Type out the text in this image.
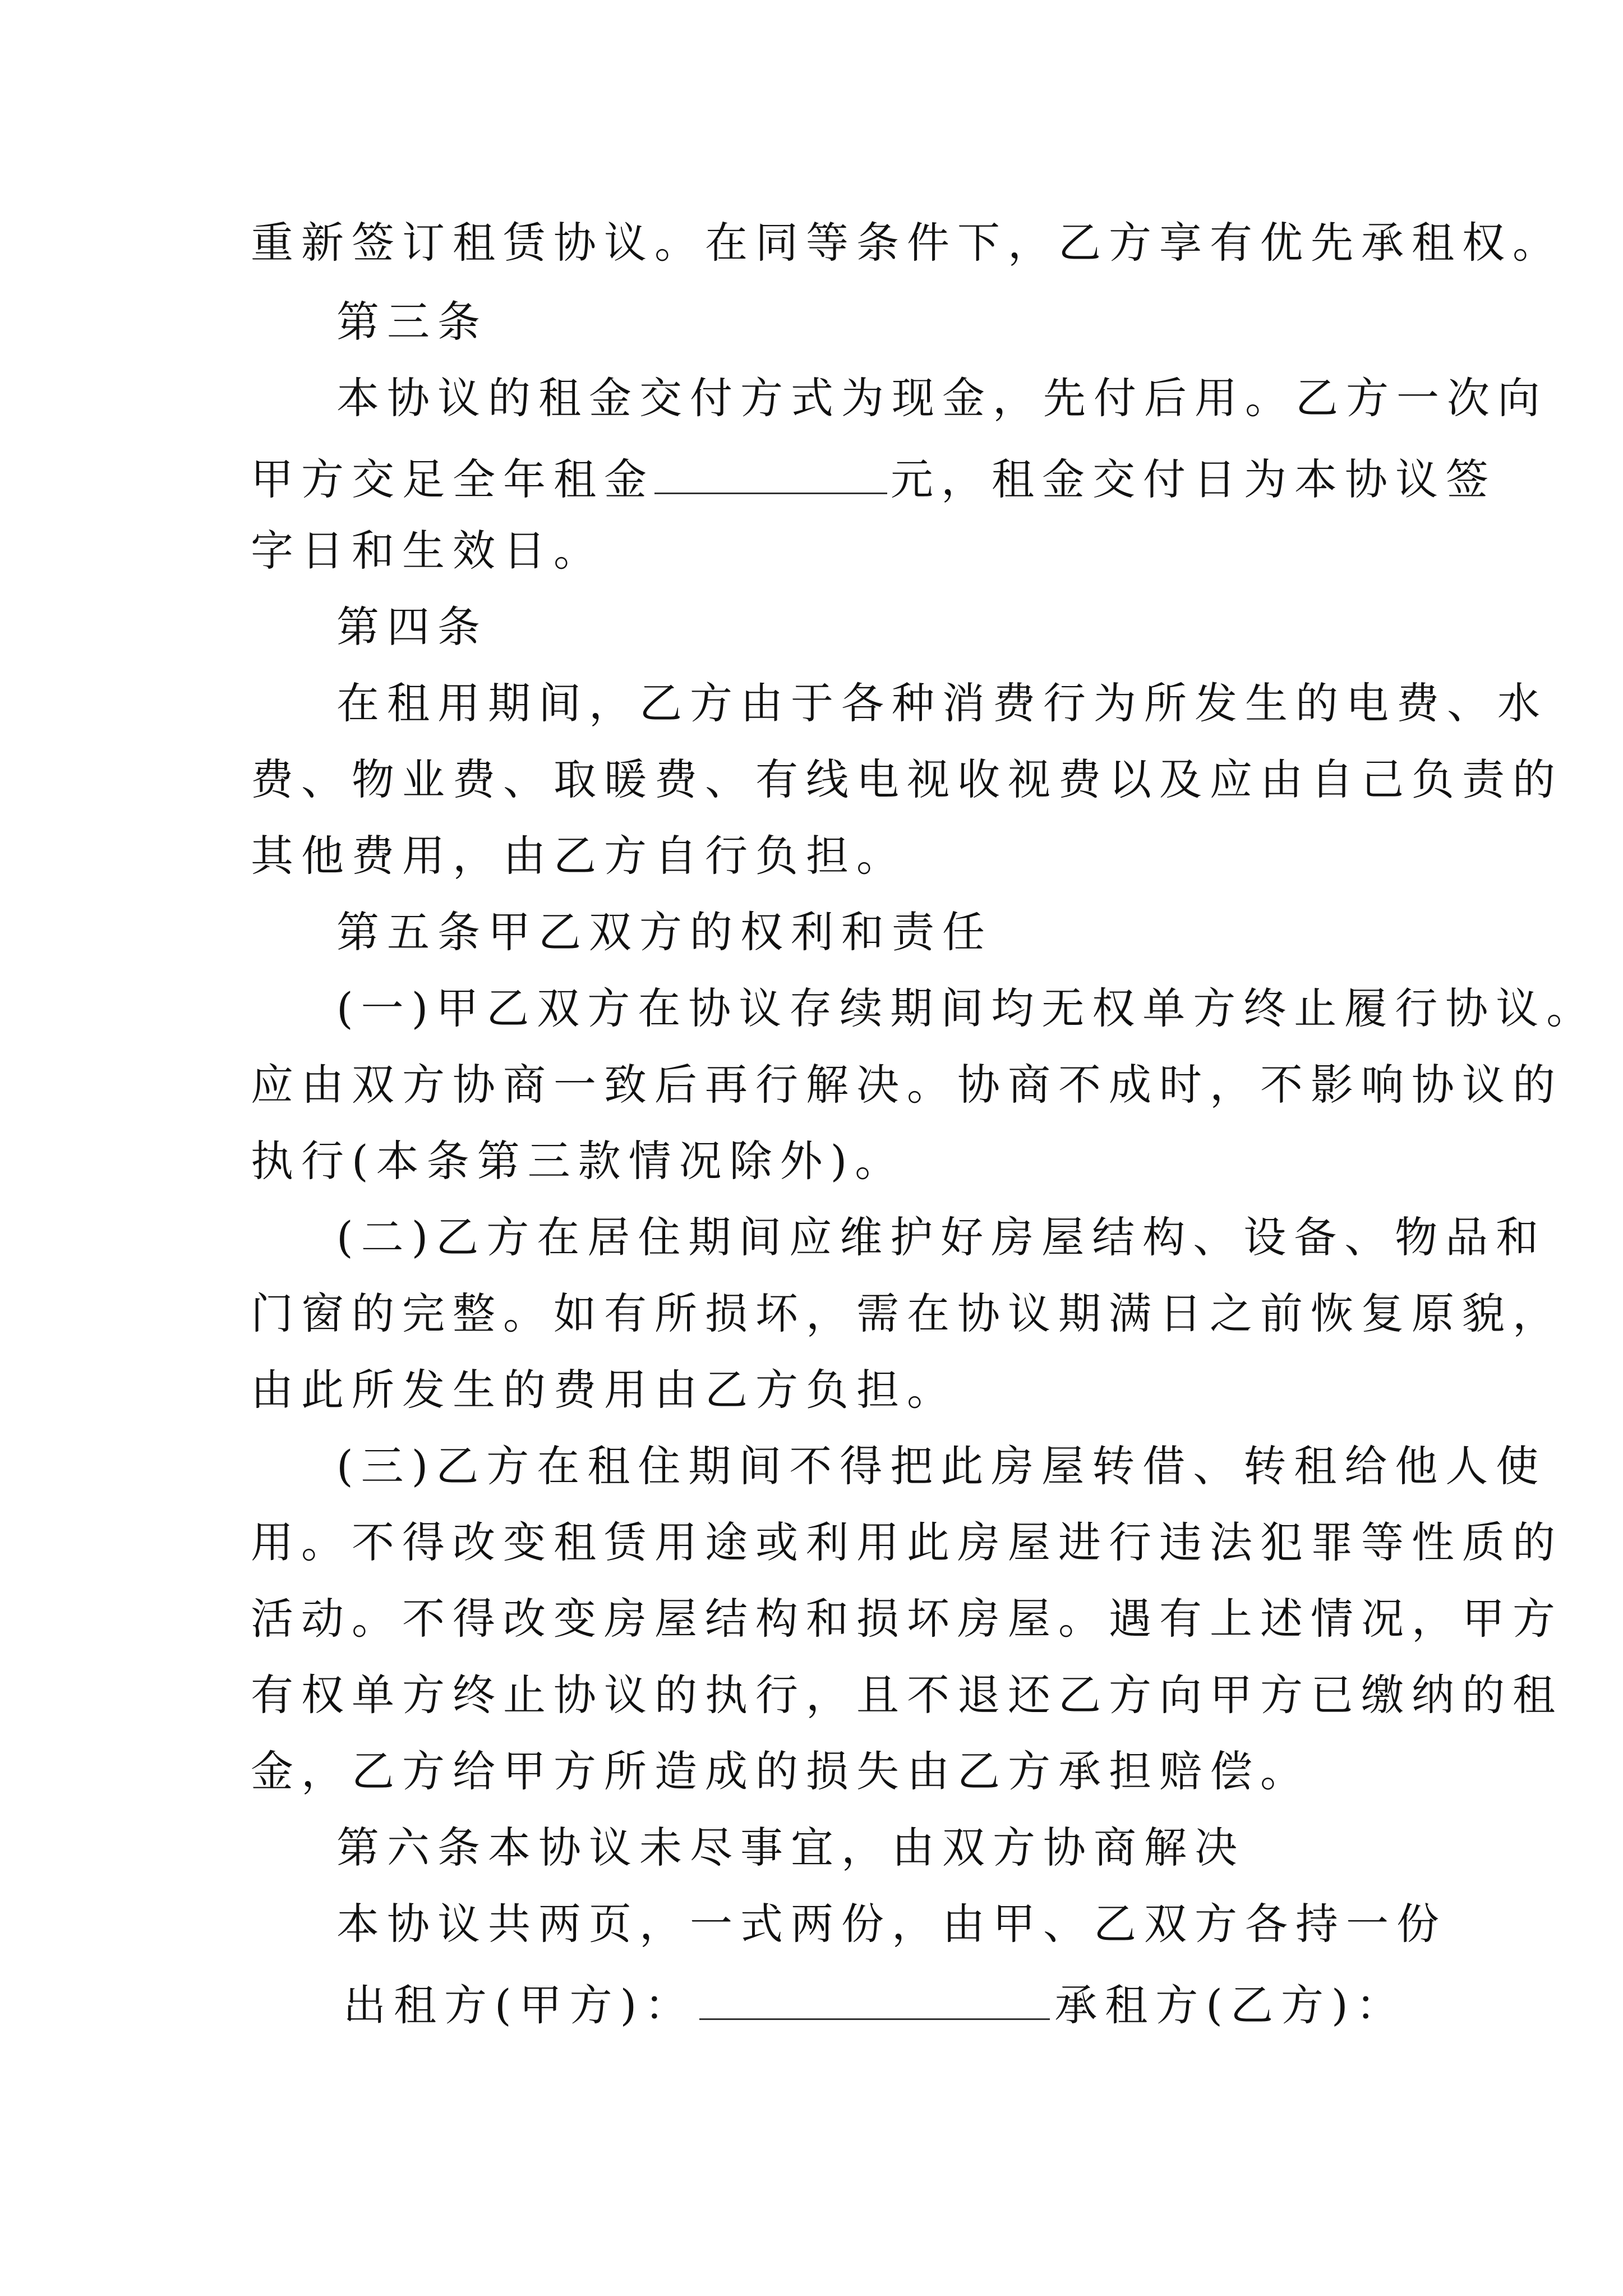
重新签订租赁协议。在同等条件下，乙方享有优先承租权。
第三条
本协议的租金交付方式为现金，先付后用。乙方一次向
甲方交足全年租金	元，租金交付日为本协议签
字日和生效日。
第四条
在租用期间，乙方由于各种消费行为所发生的电费、水
费、物业费、取暖费、有线电视收视费以及应由自己负责的
其他费用，由乙方自行负担。
第五条甲乙双方的权利和责任
(一)甲乙双方在协议存续期间均无权单方终止履行协议。
应由双方协商一致后再行解决。协商不成时，不影响协议的
执行(本条第三款情况除外)。
(二)乙方在居住期间应维护好房屋结构、设备、物品和
门窗的完整。如有所损坏，需在协议期满日之前恢复原貌，
由此所发生的费用由乙方负担。
(三)乙方在租住期间不得把此房屋转借、转租给他人使
用。不得改变租赁用途或利用此房屋进行违法犯罪等性质的
活动。不得改变房屋结构和损坏房屋。遇有上述情况，甲方
有权单方终止协议的执行，且不退还乙方向甲方已缴纳的租
金，乙方给甲方所造成的损失由乙方承担赔偿。
第六条本协议未尽事宜，由双方协商解决
本协议共两页，一式两份，由甲、乙双方各持一份
出租方(甲方)：	承租方(乙方)：
